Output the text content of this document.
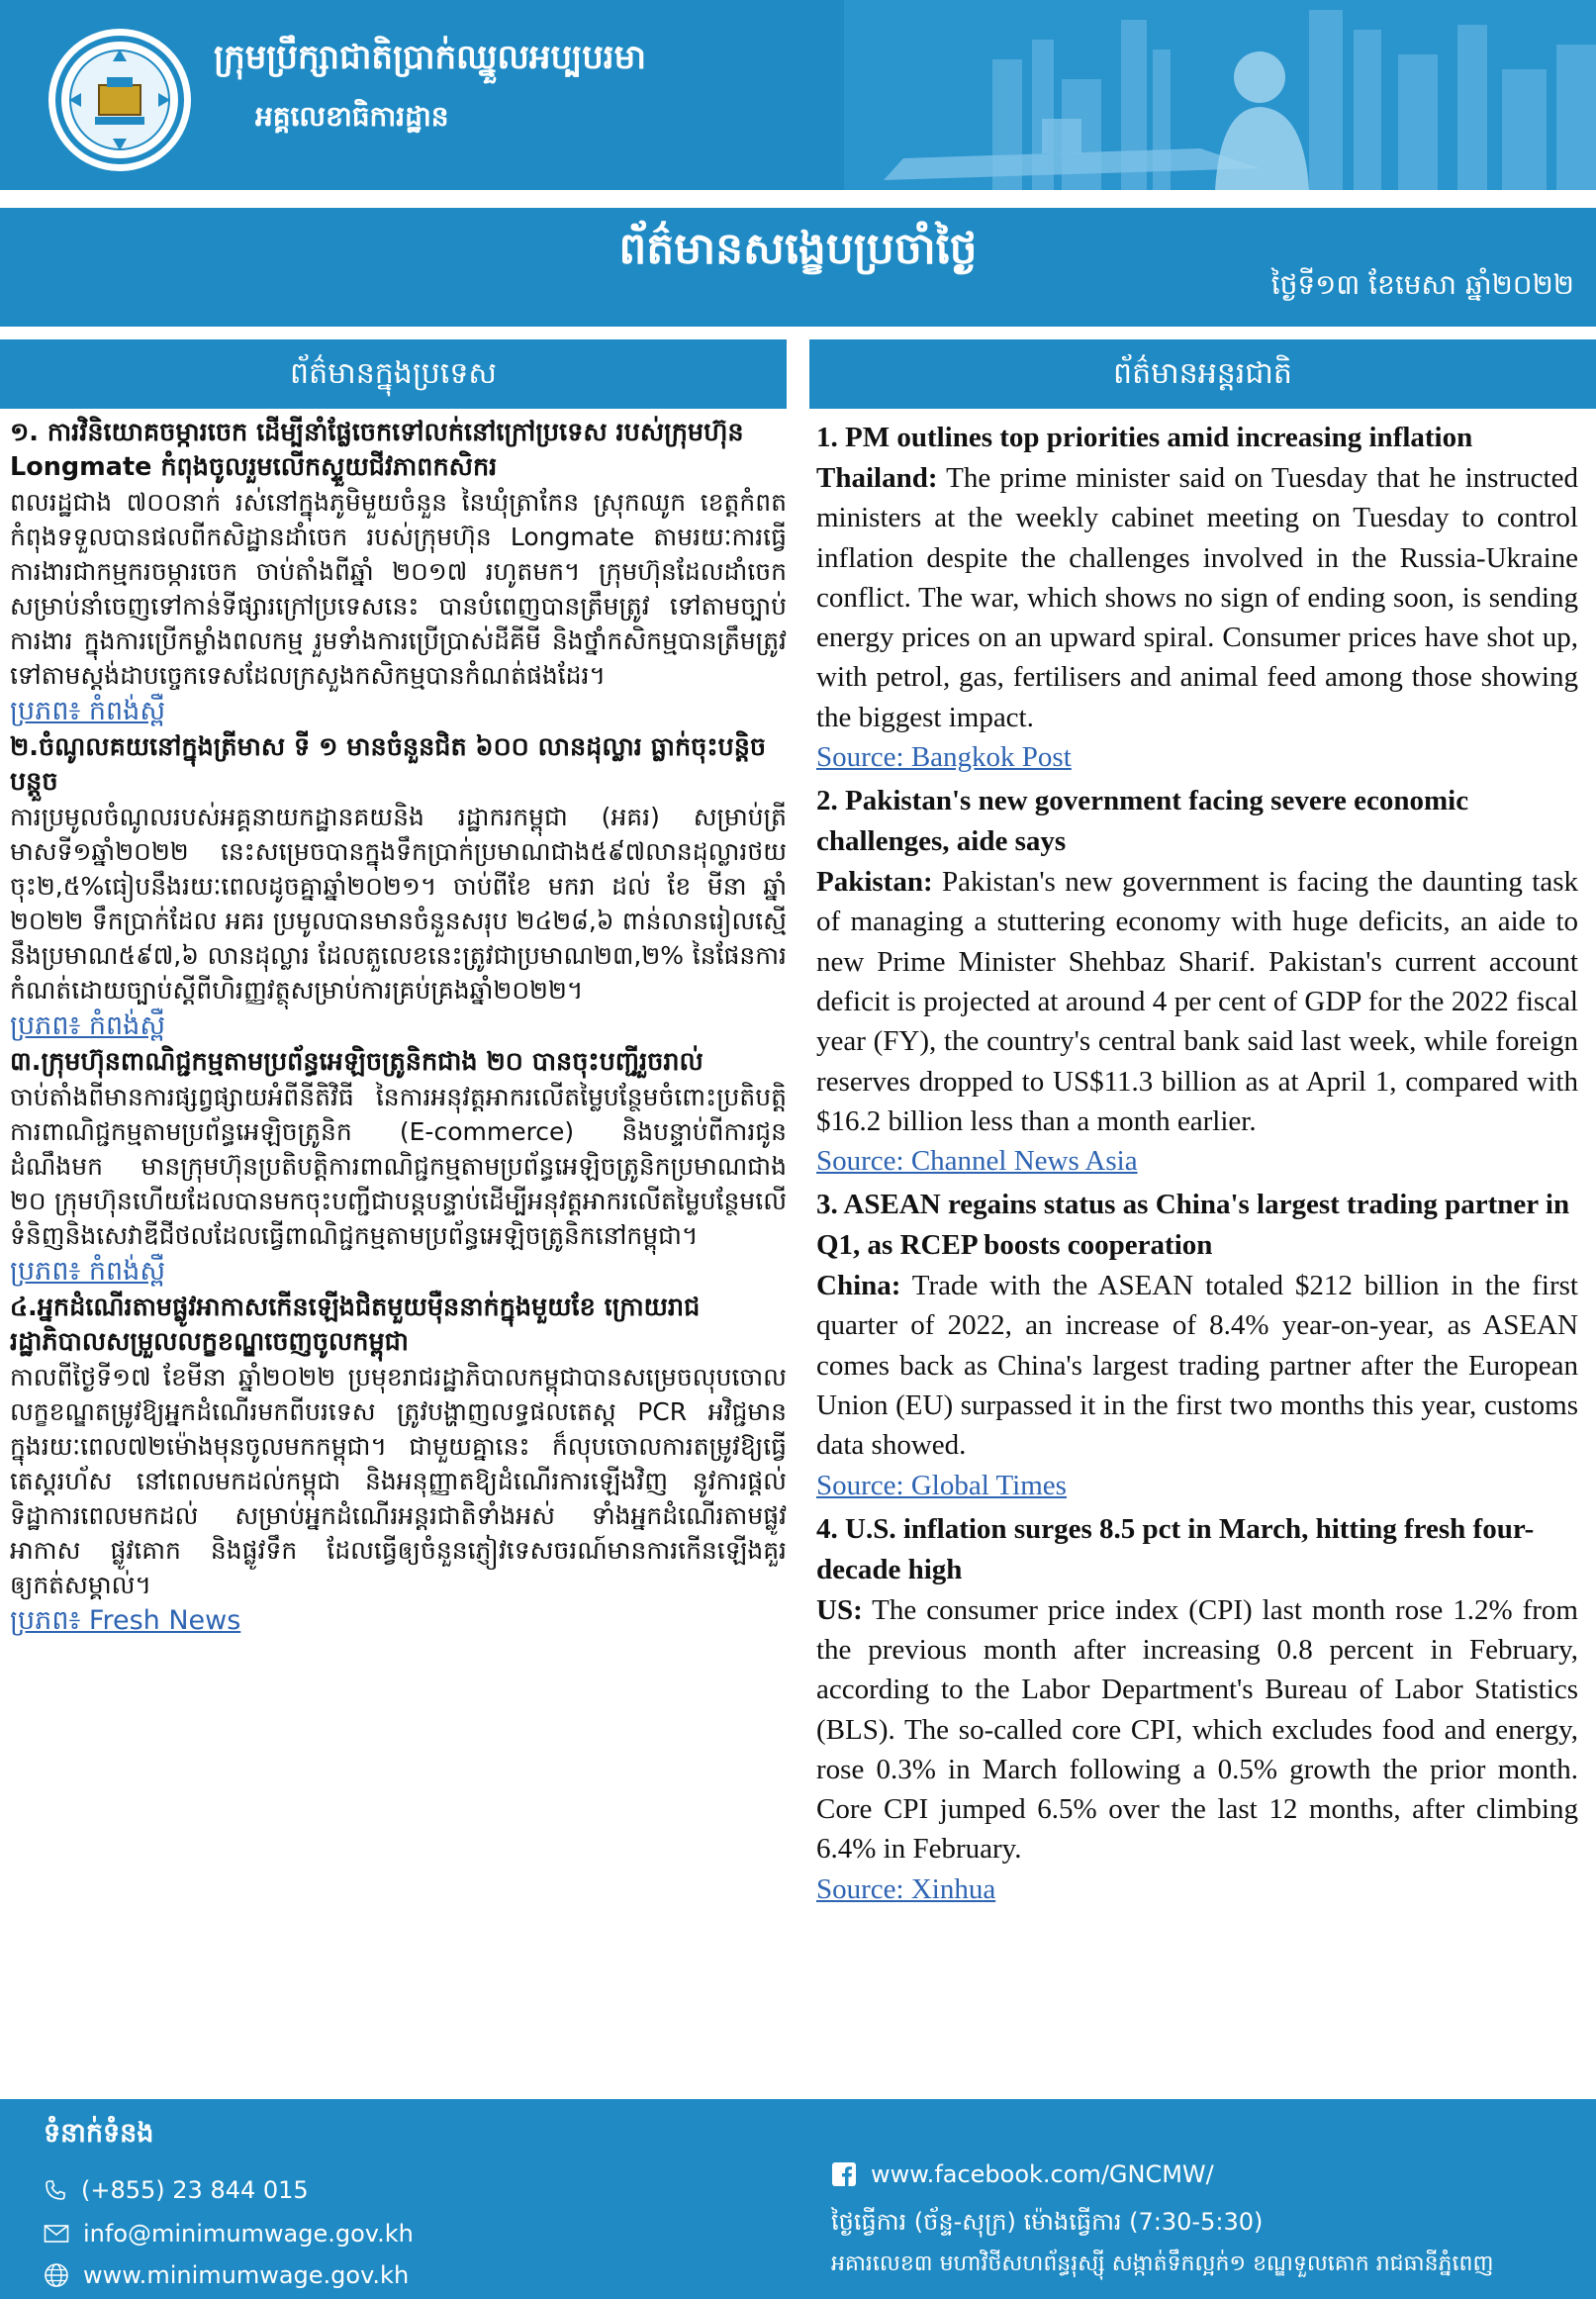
ក្រុមប្រឹក្សាជាតិប្រាក់ឈ្នួលអប្បបរមា
អគ្គលេខាធិការដ្ឋាន
ព័ត៌មានសង្ខេបប្រចាំថ្ងៃ
ថ្ងៃទី១៣ ខែមេសា ឆ្នាំ២០២២
ព័ត៌មានក្នុងប្រទេស	ព័ត៌មានអន្តរជាតិ
១. ការវិនិយោគចម្ការចេក ដើម្បីនាំផ្លែចេកទៅលក់នៅក្រៅប្រទេស របស់ក្រុមហ៊ុន Longmate កំពុងចូលរួមលើកស្ទួយជីវភាពកសិករ
ពលរដ្ឋជាង ៧០០នាក់ រស់នៅក្នុងភូមិមួយចំនួន នៃឃុំត្រាកែន ស្រុកឈូក ខេត្តកំពត កំពុងទទួលបានផលពីកសិដ្ឋានដាំចេក របស់ក្រុមហ៊ុន Longmate តាមរយៈការធ្វើការងារជាកម្មករចម្ការចេក ចាប់តាំងពីឆ្នាំ ២០១៧ រហូតមក។ ក្រុមហ៊ុនដែលដាំចេកសម្រាប់នាំចេញទៅកាន់ទីផ្សារក្រៅប្រទេសនេះ បានបំពេញបានត្រឹមត្រូវ ទៅតាមច្បាប់ការងារ ក្នុងការប្រើកម្លាំងពលកម្ម រួមទាំងការប្រើប្រាស់ដីគីមី និងថ្នាំកសិកម្មបានត្រឹមត្រូវ ទៅតាមស្តង់ដាបច្ចេកទេសដែលក្រសួងកសិកម្មបានកំណត់ផងដែរ។
ប្រភព៖ កំពង់ស្ពឺ
២.ចំណូលគយនៅក្នុងត្រីមាស ទី ១ មានចំនួនជិត ៦០០ លានដុល្លារ ធ្លាក់ចុះបន្តិចបន្តួច
ការប្រមូលចំណូលរបស់អគ្គនាយកដ្ឋានគយនិង រដ្ឋាករកម្ពុជា (អគរ) សម្រាប់ត្រីមាសទី១ឆ្នាំ២០២២ នេះសម្រេចបានក្នុងទឹកប្រាក់ប្រមាណជាង៥៩៧លានដុល្លារថយចុះ២,៥%ធៀបនឹងរយៈពេលដូចគ្នាឆ្នាំ២០២១។ ចាប់ពីខែ មករា ដល់ ខែ មីនា ឆ្នាំ ២០២២ ទឹកប្រាក់ដែល អគរ ប្រមូលបានមានចំនួនសរុប ២៤២៨,៦ ពាន់លានរៀលស្មើនឹងប្រមាណ៥៩៧,៦ លានដុល្លារ ដែលតួលេខនេះត្រូវជាប្រមាណ២៣,២% នៃផែនការកំណត់ដោយច្បាប់ស្តីពីហិរញ្ញវត្ថុសម្រាប់ការគ្រប់គ្រងឆ្នាំ២០២២។
ប្រភព៖ កំពង់ស្ពឺ
៣.ក្រុមហ៊ុនពាណិជ្ជកម្មតាមប្រព័ន្ធអេឡិចត្រូនិកជាង ២០ បានចុះបញ្ជីរួចរាល់
ចាប់តាំងពីមានការផ្សព្វផ្សាយអំពីនីតិវិធី នៃការអនុវត្តអាករលើតម្លៃបន្ថែមចំពោះប្រតិបត្តិការពាណិជ្ជកម្មតាមប្រព័ន្ធអេឡិចត្រូនិក (E-commerce) និងបន្ទាប់ពីការជូនដំណឹងមក មានក្រុមហ៊ុនប្រតិបត្តិការពាណិជ្ជកម្មតាមប្រព័ន្ធអេឡិចត្រូនិកប្រមាណជាង ២០ ក្រុមហ៊ុនហើយដែលបានមកចុះបញ្ជីជាបន្តបន្ទាប់ដើម្បីអនុវត្តអាករលើតម្លៃបន្ថែមលើទំនិញនិងសេវាឌីជីថលដែលធ្វើពាណិជ្ជកម្មតាមប្រព័ន្ធអេឡិចត្រូនិកនៅកម្ពុជា។
ប្រភព៖ កំពង់ស្ពឺ
៤.អ្នកដំណើរតាមផ្លូវអាកាសកើនឡើងជិតមួយម៉ឺននាក់ក្នុងមួយខែ ក្រោយរាជរដ្ឋាភិបាលសម្រួលលក្ខខណ្ឌចេញចូលកម្ពុជា
កាលពីថ្ងៃទី១៧ ខែមីនា ឆ្នាំ២០២២ ប្រមុខរាជរដ្ឋាភិបាលកម្ពុជាបានសម្រេចលុបចោលលក្ខខណ្ឌតម្រូវឱ្យអ្នកដំណើរមកពីបរទេស ត្រូវបង្ហាញលទ្ធផលតេស្ត PCR អវិជ្ជមាន ក្នុងរយៈពេល៧២ម៉ោងមុនចូលមកកម្ពុជា។ ជាមួយគ្នានេះ ក៏លុបចោលការតម្រូវឱ្យធ្វើតេស្តរហ័ស នៅពេលមកដល់កម្ពុជា និងអនុញ្ញាតឱ្យដំណើរការឡើងវិញ នូវការផ្តល់ទិដ្ឋាការពេលមកដល់ សម្រាប់អ្នកដំណើរអន្តរជាតិទាំងអស់ ទាំងអ្នកដំណើរតាមផ្លូវអាកាស ផ្លូវគោក និងផ្លូវទឹក ដែលធ្វើឲ្យចំនួនភ្ញៀវទេសចរណ៍មានការកើនឡើងគួរឲ្យកត់សម្គាល់។
ប្រភព៖ Fresh News
1. PM outlines top priorities amid increasing inflation
Thailand: The prime minister said on Tuesday that he instructed ministers at the weekly cabinet meeting on Tuesday to control inflation despite the challenges involved in the Russia-Ukraine conflict. The war, which shows no sign of ending soon, is sending energy prices on an upward spiral. Consumer prices have shot up, with petrol, gas, fertilisers and animal feed among those showing the biggest impact.
Source: Bangkok Post
2. Pakistan's new government facing severe economic challenges, aide says
Pakistan: Pakistan's new government is facing the daunting task of managing a stuttering economy with huge deficits, an aide to new Prime Minister Shehbaz Sharif. Pakistan's current account deficit is projected at around 4 per cent of GDP for the 2022 fiscal year (FY), the country's central bank said last week, while foreign reserves dropped to US$11.3 billion as at April 1, compared with $16.2 billion less than a month earlier.
Source: Channel News Asia
3. ASEAN regains status as China's largest trading partner in Q1, as RCEP boosts cooperation
China: Trade with the ASEAN totaled $212 billion in the first quarter of 2022, an increase of 8.4% year-on-year, as ASEAN comes back as China's largest trading partner after the European Union (EU) surpassed it in the first two months this year, customs data showed.
Source: Global Times
4. U.S. inflation surges 8.5 pct in March, hitting fresh four-decade high
US: The consumer price index (CPI) last month rose 1.2% from the previous month after increasing 0.8 percent in February, according to the Labor Department's Bureau of Labor Statistics (BLS). The so-called core CPI, which excludes food and energy, rose 0.3% in March following a 0.5% growth the prior month. Core CPI jumped 6.5% over the last 12 months, after climbing 6.4% in February.
Source: Xinhua
ទំនាក់ទំនង
(+855) 23 844 015
info@minimumwage.gov.kh
www.minimumwage.gov.kh
www.facebook.com/GNCMW/
ថ្ងៃធ្វើការ (ច័ន្ទ-សុក្រ) ម៉ោងធ្វើការ (7:30-5:30)
អគារលេខ៣ មហាវិថីសហព័ន្ធរុស្ស៊ី សង្កាត់ទឹកល្អក់១ ខណ្ឌទួលគោក រាជធានីភ្នំពេញ
